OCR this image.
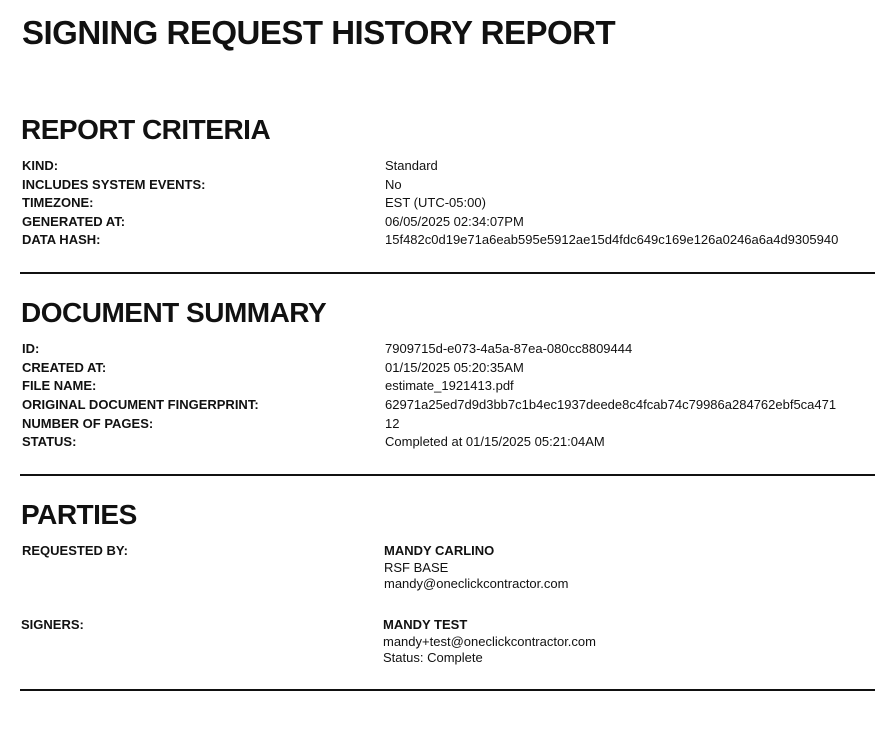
SIGNING REQUEST HISTORY REPORT
REPORT CRITERIA
KIND:	Standard
INCLUDES SYSTEM EVENTS:	No
TIMEZONE:	EST (UTC-05:00)
GENERATED AT:	06/05/2025 02:34:07PM
DATA HASH:	15f482c0d19e71a6eab595e5912ae15d4fdc649c169e126a0246a6a4d9305940
DOCUMENT SUMMARY
ID:	7909715d-e073-4a5a-87ea-080cc8809444
CREATED AT:	01/15/2025 05:20:35AM
FILE NAME:	estimate_1921413.pdf
ORIGINAL DOCUMENT FINGERPRINT:	62971a25ed7d9d3bb7c1b4ec1937deede8c4fcab74c79986a284762ebf5ca471
NUMBER OF PAGES:	12
STATUS:	Completed at 01/15/2025 05:21:04AM
PARTIES
REQUESTED BY:	MANDY CARLINO
RSF BASE
mandy@oneclickcontractor.com
SIGNERS:	MANDY TEST
mandy+test@oneclickcontractor.com
Status: Complete
